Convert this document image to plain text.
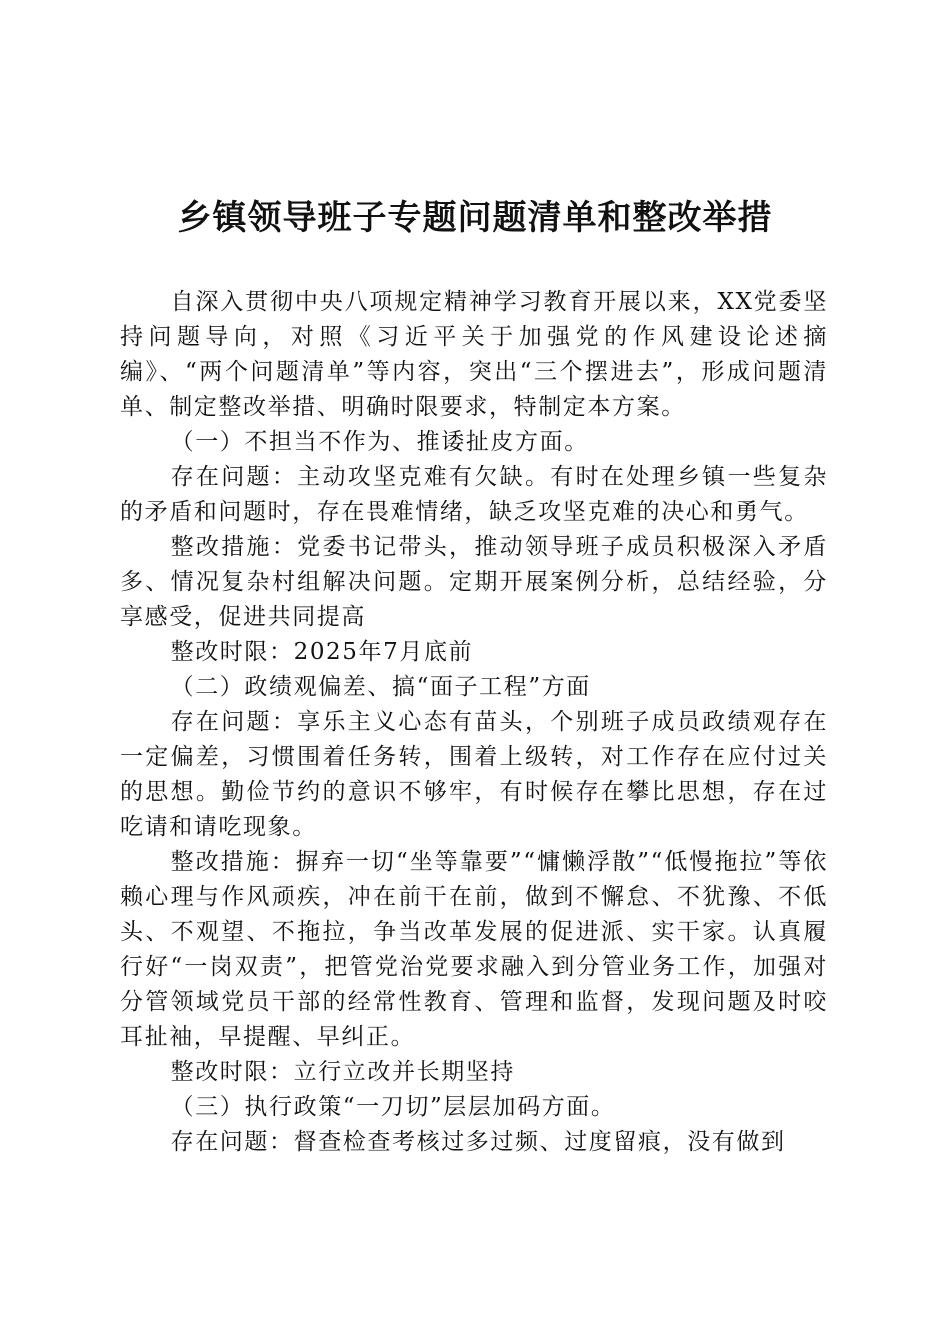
乡镇领导班子专题问题清单和整改举措

自深入贯彻中央八项规定精神学习教育开展以来，XX党委坚持问题导向，对照《习近平关于加强党的作风建设论述摘编》、“两个问题清单”等内容，突出“三个摆进去”，形成问题清单、制定整改举措、明确时限要求，特制定本方案。

（一）不担当不作为、推诿扯皮方面。

存在问题：主动攻坚克难有欠缺。有时在处理乡镇一些复杂的矛盾和问题时，存在畏难情绪，缺乏攻坚克难的决心和勇气。

整改措施：党委书记带头，推动领导班子成员积极深入矛盾多、情况复杂村组解决问题。定期开展案例分析，总结经验，分享感受，促进共同提高

整改时限：2025年7月底前

（二）政绩观偏差、搞“面子工程”方面

存在问题：享乐主义心态有苗头，个别班子成员政绩观存在一定偏差，习惯围着任务转，围着上级转，对工作存在应付过关的思想。勤俭节约的意识不够牢，有时候存在攀比思想，存在过吃请和请吃现象。

整改措施：摒弃一切“坐等靠要”“慵懒浮散”“低慢拖拉”等依赖心理与作风顽疾，冲在前干在前，做到不懈怠、不犹豫、不低头、不观望、不拖拉，争当改革发展的促进派、实干家。认真履行好“一岗双责”，把管党治党要求融入到分管业务工作，加强对分管领域党员干部的经常性教育、管理和监督，发现问题及时咬耳扯袖，早提醒、早纠正。

整改时限：立行立改并长期坚持

（三）执行政策“一刀切”层层加码方面。

存在问题：督查检查考核过多过频、过度留痕，没有做到
